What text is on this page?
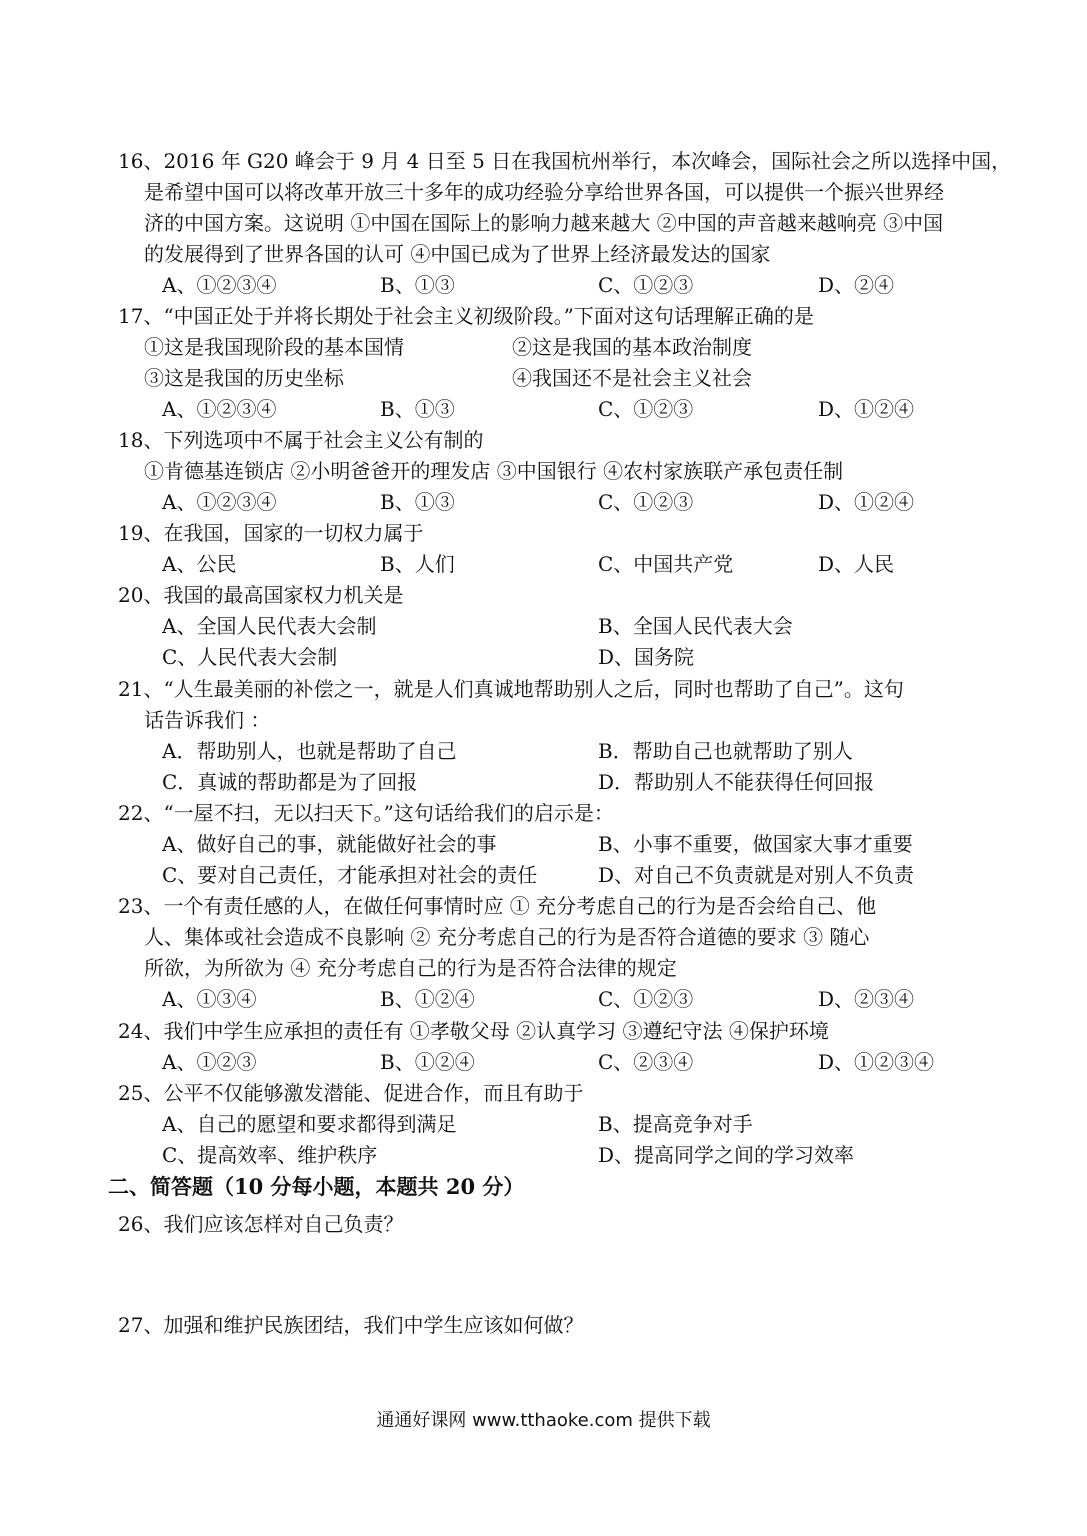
16、2016 年 G20 峰会于 9 月 4 日至 5 日在我国杭州举行，本次峰会，国际社会之所以选择中国，
是希望中国可以将改革开放三十多年的成功经验分享给世界各国，可以提供一个振兴世界经
济的中国方案。这说明 ①中国在国际上的影响力越来越大 ②中国的声音越来越响亮 ③中国
的发展得到了世界各国的认可 ④中国已成为了世界上经济最发达的国家
A、①②③④	B、①③	C、①②③	D、②④
17、“中国正处于并将长期处于社会主义初级阶段。”下面对这句话理解正确的是
①这是我国现阶段的基本国情	②这是我国的基本政治制度
③这是我国的历史坐标	④我国还不是社会主义社会
A、①②③④	B、①③	C、①②③	D、①②④
18、下列选项中不属于社会主义公有制的
①肯德基连锁店 ②小明爸爸开的理发店 ③中国银行 ④农村家族联产承包责任制
A、①②③④	B、①③	C、①②③	D、①②④
19、在我国，国家的一切权力属于
A、公民	B、人们	C、中国共产党	D、人民
20、我国的最高国家权力机关是
A、全国人民代表大会制	B、全国人民代表大会
C、人民代表大会制	D、国务院
21、“人生最美丽的补偿之一，就是人们真诚地帮助别人之后，同时也帮助了自己”。这句
话告诉我们 ：
A．帮助别人，也就是帮助了自己	B．帮助自己也就帮助了别人
C．真诚的帮助都是为了回报	D．帮助别人不能获得任何回报
22、“一屋不扫，无以扫天下。”这句话给我们的启示是：
A、做好自己的事，就能做好社会的事	B、小事不重要，做国家大事才重要
C、要对自己责任，才能承担对社会的责任	D、对自己不负责就是对别人不负责
23、一个有责任感的人，在做任何事情时应 ① 充分考虑自己的行为是否会给自己、他
人、集体或社会造成不良影响 ② 充分考虑自己的行为是否符合道德的要求 ③ 随心
所欲，为所欲为 ④ 充分考虑自己的行为是否符合法律的规定
A、①③④	B、①②④	C、①②③	D、②③④
24、我们中学生应承担的责任有 ①孝敬父母 ②认真学习 ③遵纪守法 ④保护环境
A、①②③	B、①②④	C、②③④	D、①②③④
25、公平不仅能够激发潜能、促进合作，而且有助于
A、自己的愿望和要求都得到满足	B、提高竞争对手
C、提高效率、维护秩序	D、提高同学之间的学习效率
二、简答题（10 分每小题，本题共 20 分）
26、我们应该怎样对自己负责？
27、加强和维护民族团结，我们中学生应该如何做？
通通好课网 www.tthaoke.com 提供下载
